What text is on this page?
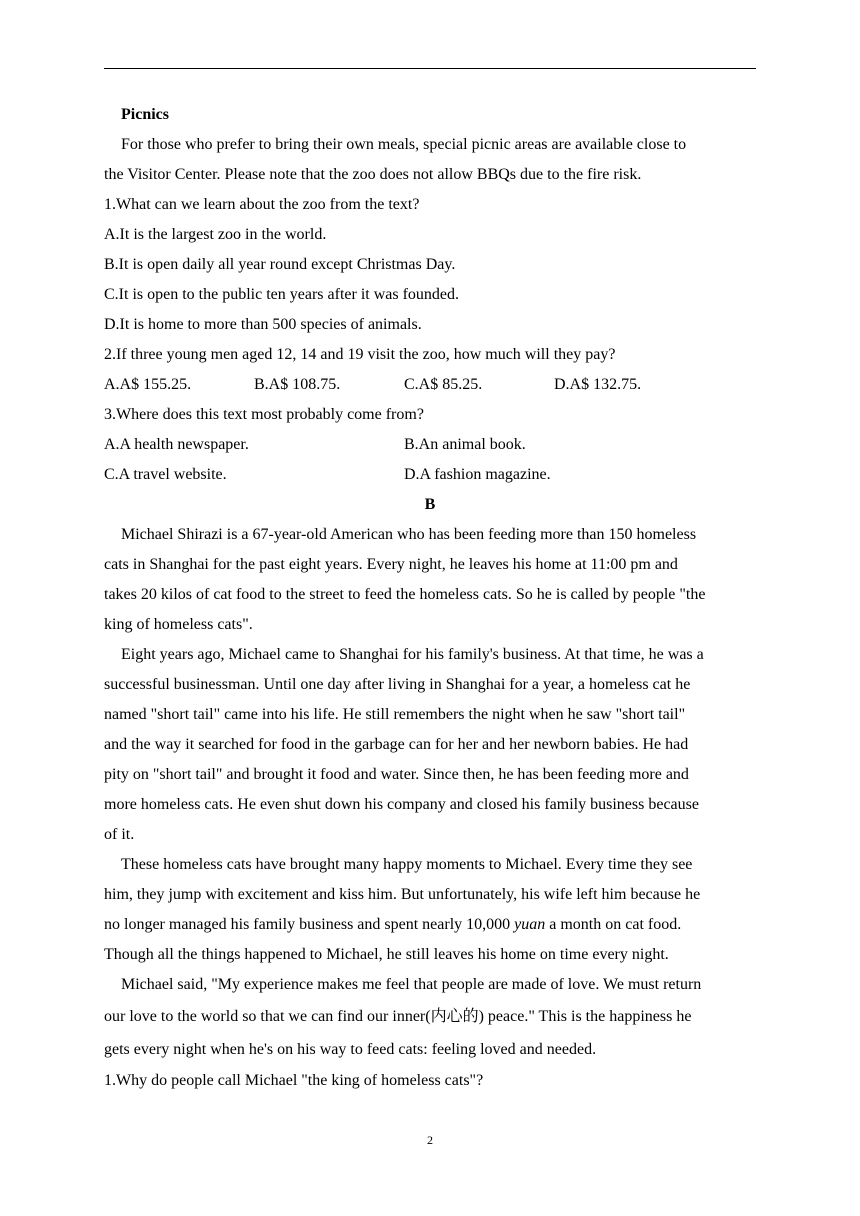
Picnics
For those who prefer to bring their own meals, special picnic areas are available close to
the Visitor Center. Please note that the zoo does not allow BBQs due to the fire risk.
1.What can we learn about the zoo from the text?
A.It is the largest zoo in the world.
B.It is open daily all year round except Christmas Day.
C.It is open to the public ten years after it was founded.
D.It is home to more than 500 species of animals.
2.If three young men aged 12, 14 and 19 visit the zoo, how much will they pay?
A.A$ 155.25.	B.A$ 108.75.	C.A$ 85.25.	D.A$ 132.75.
3.Where does this text most probably come from?
A.A health newspaper.	B.An animal book.
C.A travel website.	D.A fashion magazine.
B
Michael Shirazi is a 67-year-old American who has been feeding more than 150 homeless
cats in Shanghai for the past eight years. Every night, he leaves his home at 11:00 pm and
takes 20 kilos of cat food to the street to feed the homeless cats. So he is called by people "the
king of homeless cats".
Eight years ago, Michael came to Shanghai for his family's business. At that time, he was a
successful businessman. Until one day after living in Shanghai for a year, a homeless cat he
named "short tail" came into his life. He still remembers the night when he saw "short tail"
and the way it searched for food in the garbage can for her and her newborn babies. He had
pity on "short tail" and brought it food and water. Since then, he has been feeding more and
more homeless cats. He even shut down his company and closed his family business because
of it.
These homeless cats have brought many happy moments to Michael. Every time they see
him, they jump with excitement and kiss him. But unfortunately, his wife left him because he
no longer managed his family business and spent nearly 10,000 yuan a month on cat food.
Though all the things happened to Michael, he still leaves his home on time every night.
Michael said, "My experience makes me feel that people are made of love. We must return
our love to the world so that we can find our inner(内心的) peace." This is the happiness he
gets every night when he's on his way to feed cats: feeling loved and needed.
1.Why do people call Michael "the king of homeless cats"?
2
